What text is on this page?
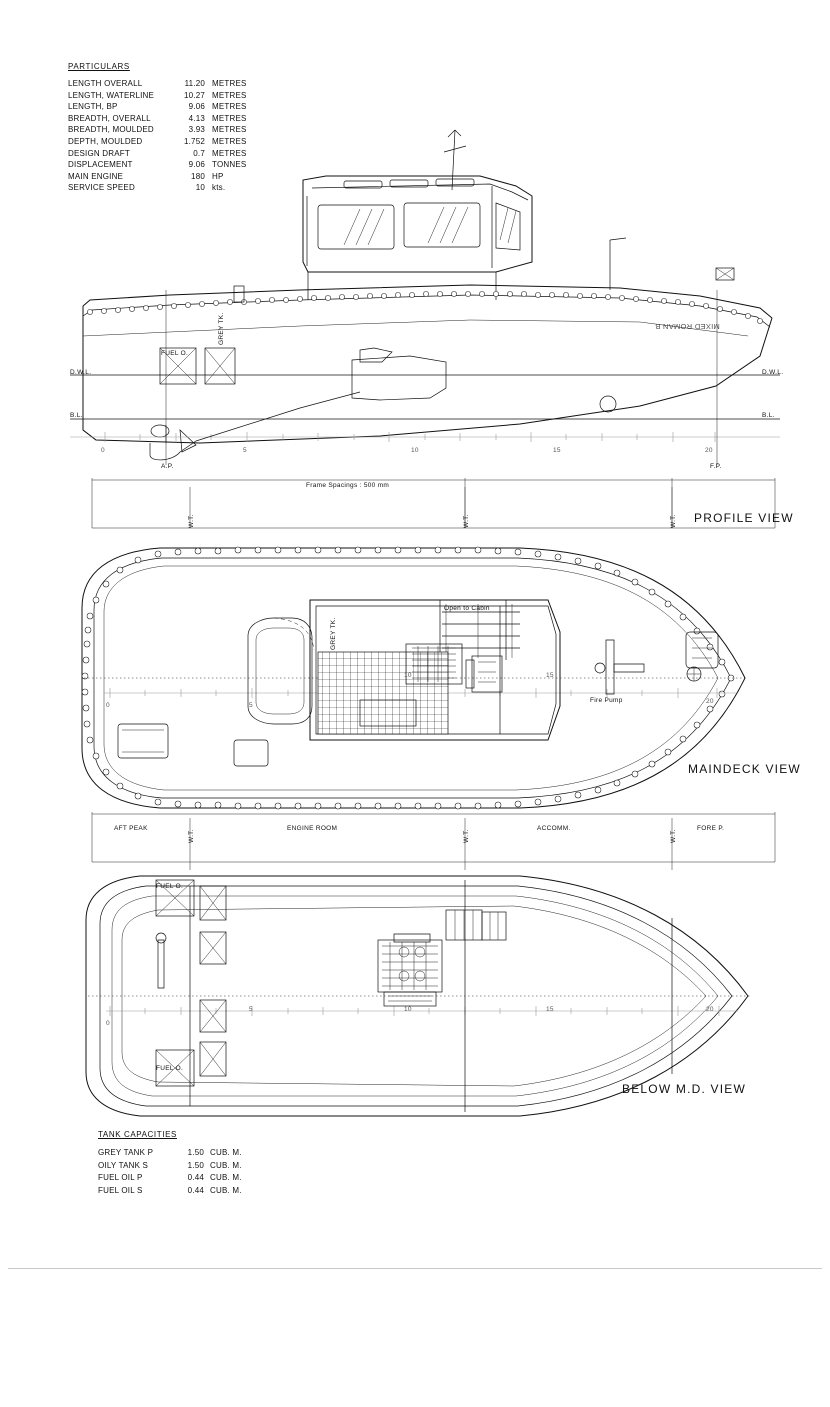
PARTICULARS
LENGTH OVERALL	11.20	METRES
LENGTH, WATERLINE	10.27	METRES
LENGTH, BP	9.06	METRES
BREADTH, OVERALL	4.13	METRES
BREADTH, MOULDED	3.93	METRES
DEPTH, MOULDED	1.752	METRES
DESIGN DRAFT	0.7	METRES
DISPLACEMENT	9.06	TONNES
MAIN ENGINE	180	HP
SERVICE SPEED	10	kts.
TANK CAPACITIES
GREY TANK P	1.50	CUB. M.
OILY TANK S	1.50	CUB. M.
FUEL OIL P	0.44	CUB. M.
FUEL OIL S	0.44	CUB. M.
D.W.L.	D.W.L.
B.L.	B.L.
A.P.	F.P.
0	5	10	15	20
Frame Spacings : 500 mm
W.T.	W.T.	W.T. PROFILE VIEW
FUEL O.
GREY TK.	MIXED ROMAN B
0	5
10	15
20
Open to Cabin
Fire Pump
GREY TK.
MAINDECK VIEW
AFT PEAK	ENGINE ROOM	ACCOMM.	FORE P.
W.T.	W.T.	W.T.
0
5	10	15	20
FUEL O.
FUEL O.
BELOW M.D. VIEW
